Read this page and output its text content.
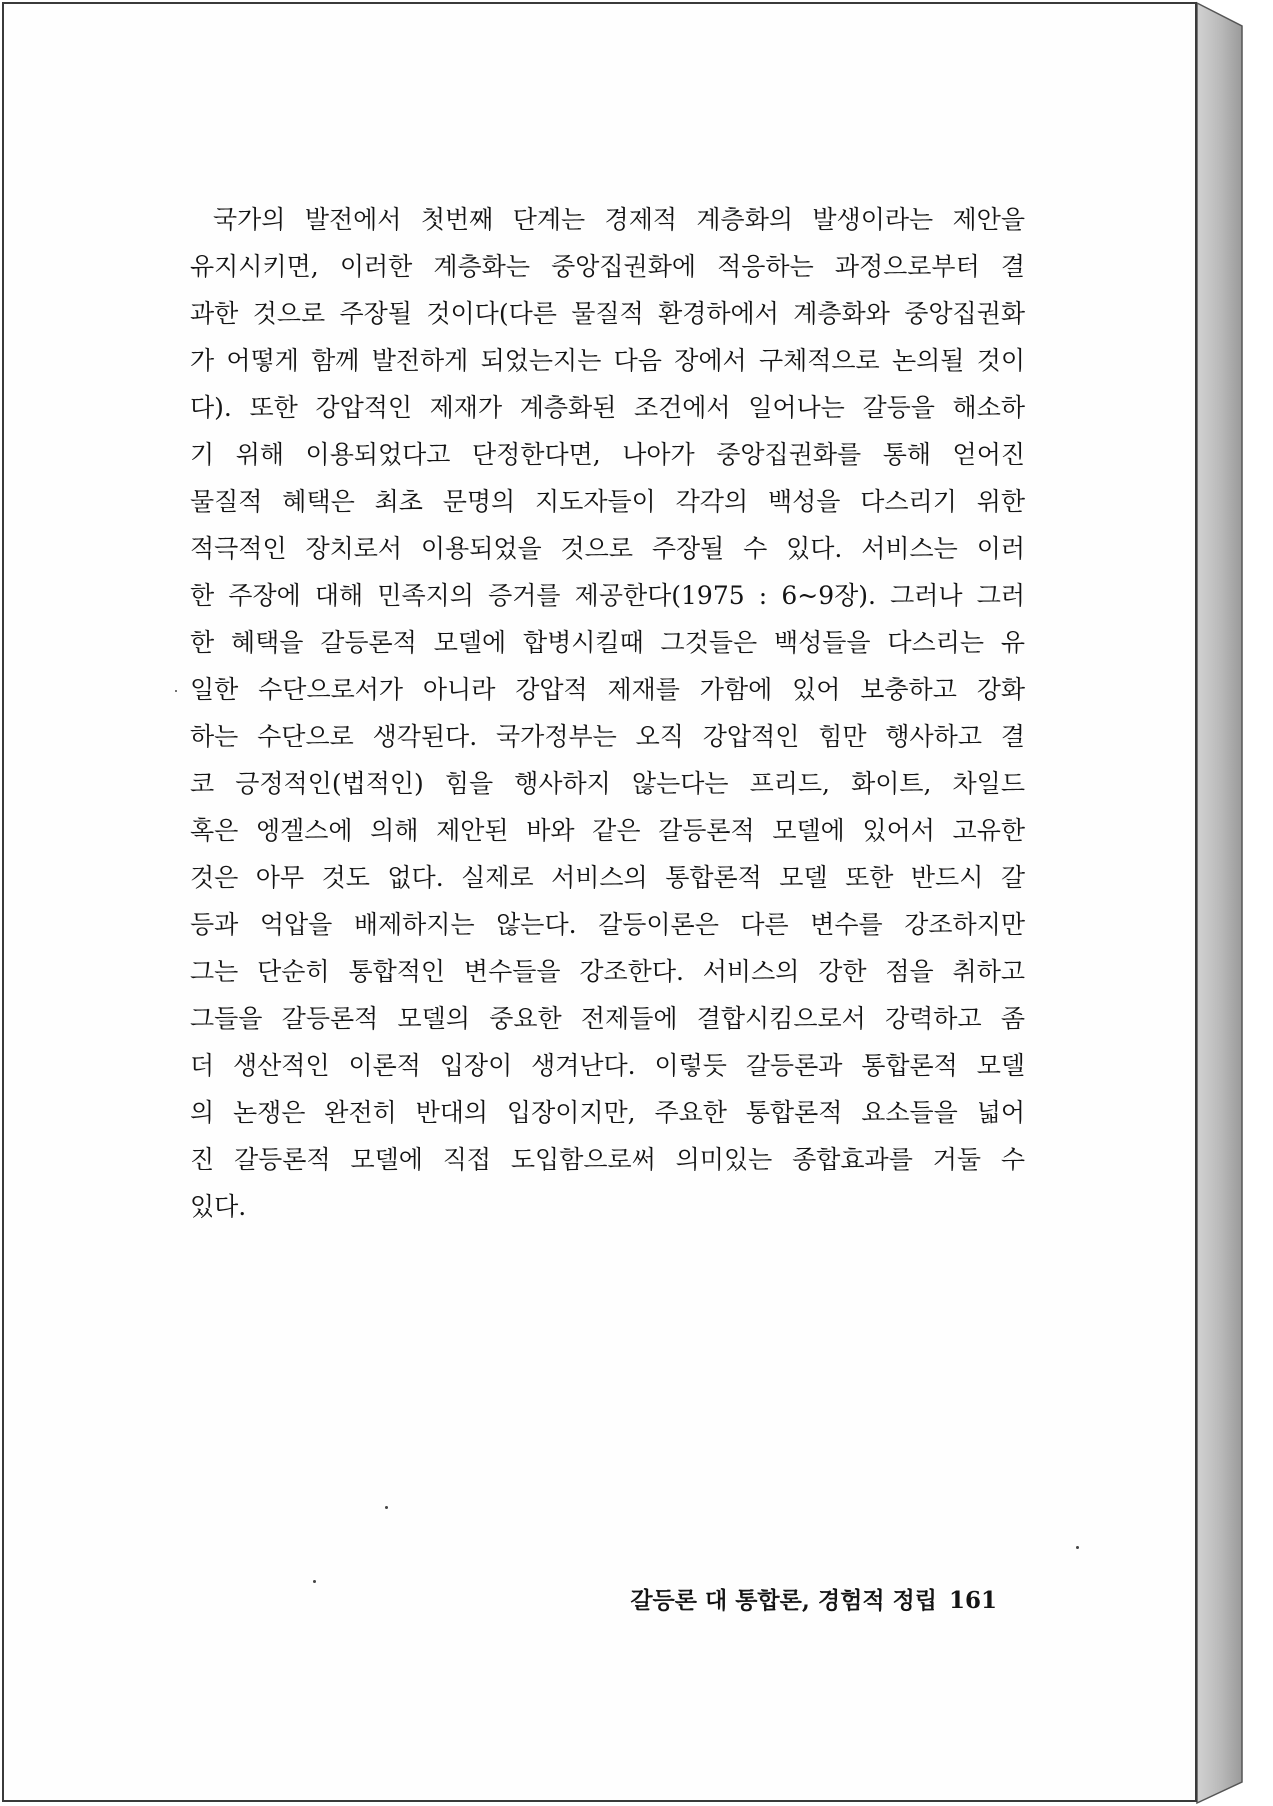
국가의 발전에서 첫번째 단계는 경제적 계층화의 발생이라는 제안을
유지시키면, 이러한 계층화는 중앙집권화에 적응하는 과정으로부터 결
과한 것으로 주장될 것이다(다른 물질적 환경하에서 계층화와 중앙집권화
가 어떻게 함께 발전하게 되었는지는 다음 장에서 구체적으로 논의될 것이
다). 또한 강압적인 제재가 계층화된 조건에서 일어나는 갈등을 해소하
기 위해 이용되었다고 단정한다면, 나아가 중앙집권화를 통해 얻어진
물질적 혜택은 최초 문명의 지도자들이 각각의 백성을 다스리기 위한
적극적인 장치로서 이용되었을 것으로 주장될 수 있다. 서비스는 이러
한 주장에 대해 민족지의 증거를 제공한다(1975 : 6~9장). 그러나 그러
한 혜택을 갈등론적 모델에 합병시킬때 그것들은 백성들을 다스리는 유
일한 수단으로서가 아니라 강압적 제재를 가함에 있어 보충하고 강화
하는 수단으로 생각된다. 국가정부는 오직 강압적인 힘만 행사하고 결
코 긍정적인(법적인) 힘을 행사하지 않는다는 프리드, 화이트, 차일드
혹은 엥겔스에 의해 제안된 바와 같은 갈등론적 모델에 있어서 고유한
것은 아무 것도 없다. 실제로 서비스의 통합론적 모델 또한 반드시 갈
등과 억압을 배제하지는 않는다. 갈등이론은 다른 변수를 강조하지만
그는 단순히 통합적인 변수들을 강조한다. 서비스의 강한 점을 취하고
그들을 갈등론적 모델의 중요한 전제들에 결합시킴으로서 강력하고 좀
더 생산적인 이론적 입장이 생겨난다. 이렇듯 갈등론과 통합론적 모델
의 논쟁은 완전히 반대의 입장이지만, 주요한 통합론적 요소들을 넓어
진 갈등론적 모델에 직접 도입함으로써 의미있는 종합효과를 거둘 수
있다.
갈등론 대 통합론, 경험적 정립 161
